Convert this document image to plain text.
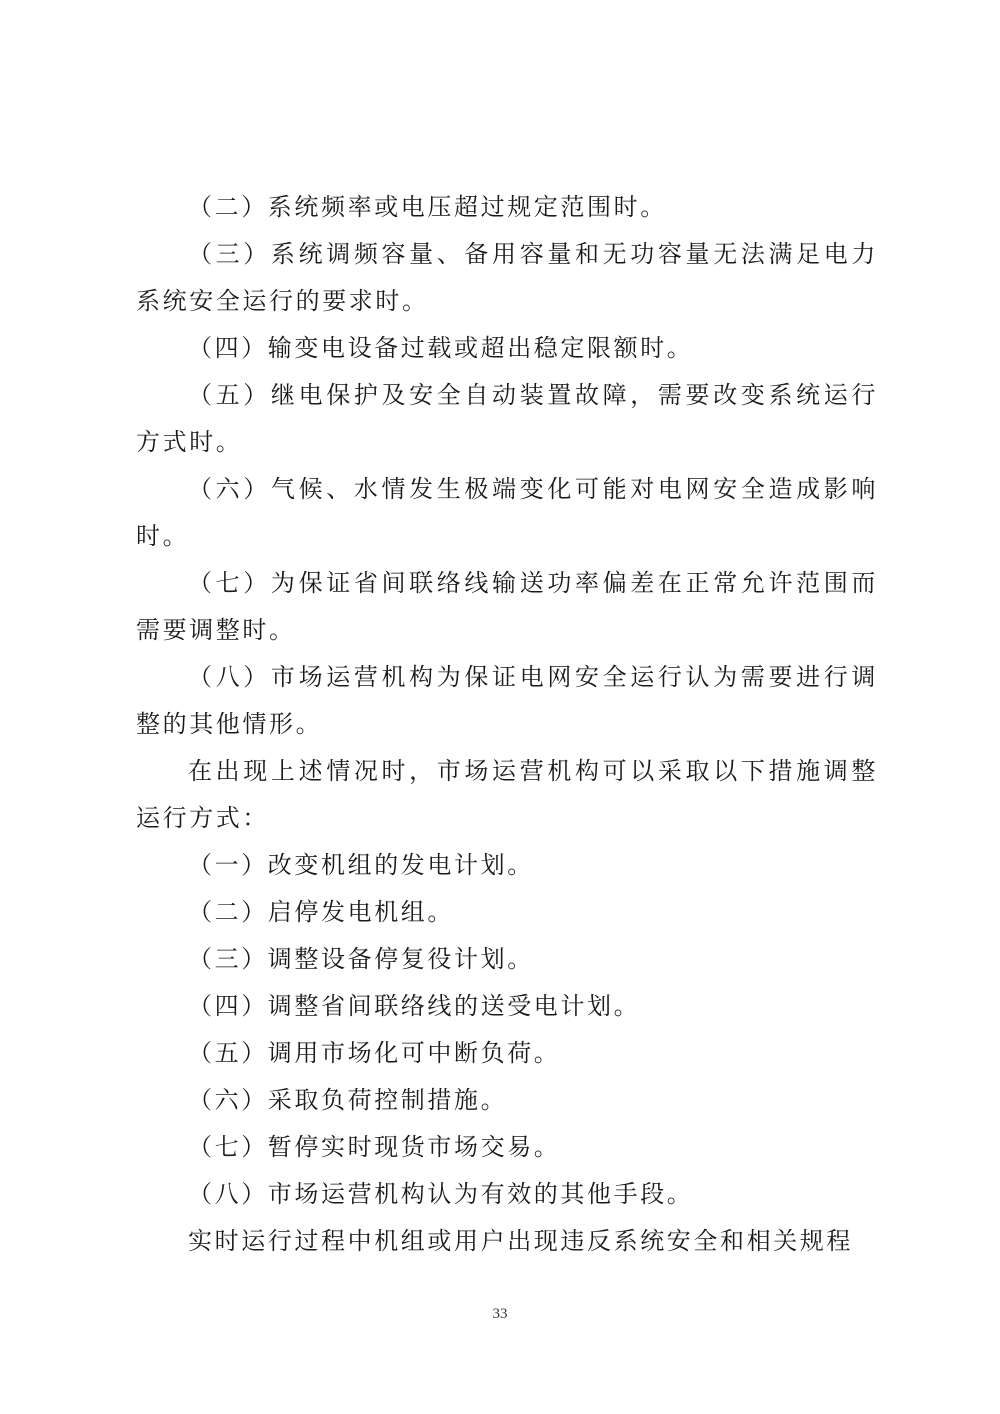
（二）系统频率或电压超过规定范围时。

（三）系统调频容量、备用容量和无功容量无法满足电力系统安全运行的要求时。

（四）输变电设备过载或超出稳定限额时。

（五）继电保护及安全自动装置故障，需要改变系统运行方式时。

（六）气候、水情发生极端变化可能对电网安全造成影响时。

（七）为保证省间联络线输送功率偏差在正常允许范围而需要调整时。

（八）市场运营机构为保证电网安全运行认为需要进行调整的其他情形。

在出现上述情况时，市场运营机构可以采取以下措施调整运行方式：

（一）改变机组的发电计划。

（二）启停发电机组。

（三）调整设备停复役计划。

（四）调整省间联络线的送受电计划。

（五）调用市场化可中断负荷。

（六）采取负荷控制措施。

（七）暂停实时现货市场交易。

（八）市场运营机构认为有效的其他手段。

实时运行过程中机组或用户出现违反系统安全和相关规程

33
